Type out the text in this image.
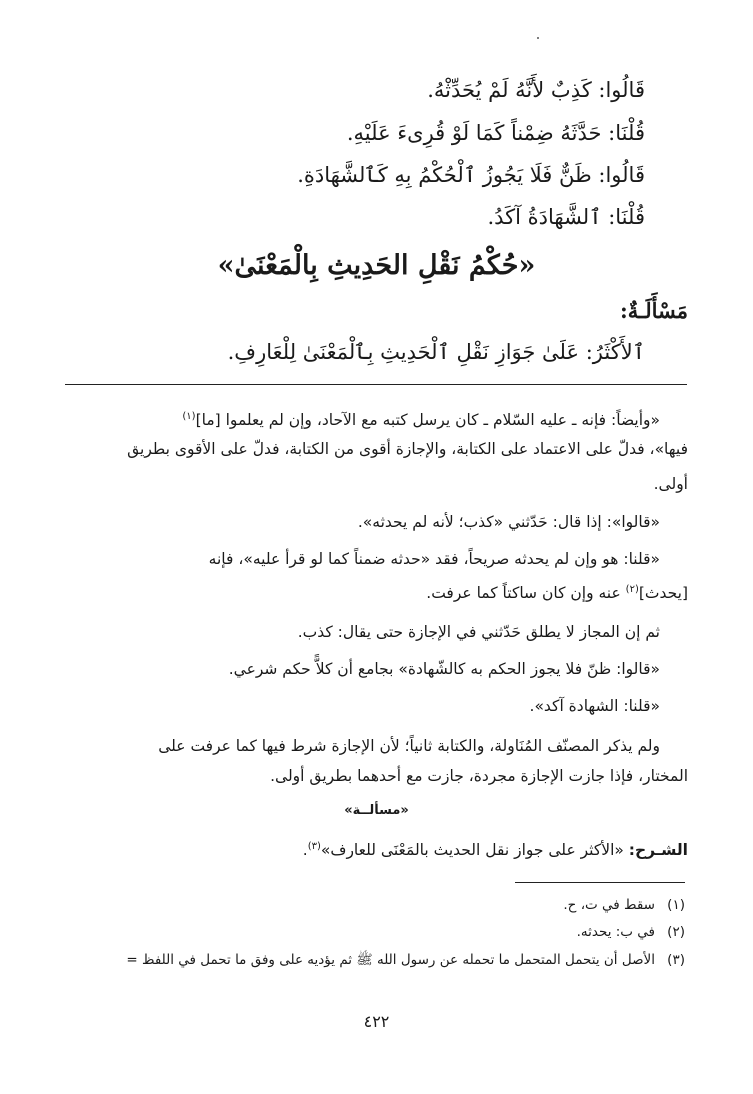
قَالُوا: كَذِبٌ لأَنَّهُ لَمْ يُحَدِّثْهُ.
قُلْنَا: حَدَّثَهُ ضِمْناً كَمَا لَوْ قُرِىءَ عَلَيْهِ.
قَالُوا: ظَنٌّ فَلَا يَجُوزُ ٱلْحُكْمُ بِهِ كَٱلشَّهَادَةِ.
قُلْنَا: ٱلشَّهَادَةُ آكَدُ.
«حُكْمُ نَقْلِ الحَدِيثِ بِالْمَعْنَىٰ»
مَسْأَلَـةٌ:
ٱلأَكْثَرُ: عَلَىٰ جَوَازِ نَقْلِ ٱلْحَدِيثِ بِٱلْمَعْنَىٰ لِلْعَارِفِ.
«وأيضاً: فإنه ـ عليه السّلام ـ كان يرسل كتبه مع الآحاد، وإن لم يعلموا [ما]$^{(١)}$
فيها»، فدلّ على الاعتماد على الكتابة، والإجازة أقوى من الكتابة، فدلّ على الأقوى بطريق
أولى.
«قالوا»: إذا قال: حَدّثني «كذب؛ لأنه لم يحدثه».
«قلنا: هو وإن لم يحدثه صريحاً، فقد «حدثه ضمناً كما لو قرأ عليه»، فإنه
[يحدث]$^{(٢)}$ عنه وإن كان ساكتاً كما عرفت.
ثم إن المجاز لا يطلق حَدّثني في الإجازة حتى يقال: كذب.
«قالوا: ظنّ فلا يجوز الحكم به كالشّهادة» بجامع أن كلاًّ حكم شرعي.
«قلنا: الشهادة آكد».
ولم يذكر المصنّف المُنَاولة، والكتابة ثانياً؛ لأن الإجازة شرط فيها كما عرفت على
المختار، فإذا جازت الإجازة مجردة، جازت مع أحدهما بطريق أولى.
«مسألــة»
الشـرح: «الأكثر على جواز نقل الحديث بالمَعْنَى للعارف»$^{(٣)}$.
(١)سقط في ت، ح.
(٢)في ب: يحدثه.
(٣)الأصل أن يتحمل المتحمل ما تحمله عن رسول الله ﷺ ثم يؤديه على وفق ما تحمل في اللفظ =
٤٢٢
